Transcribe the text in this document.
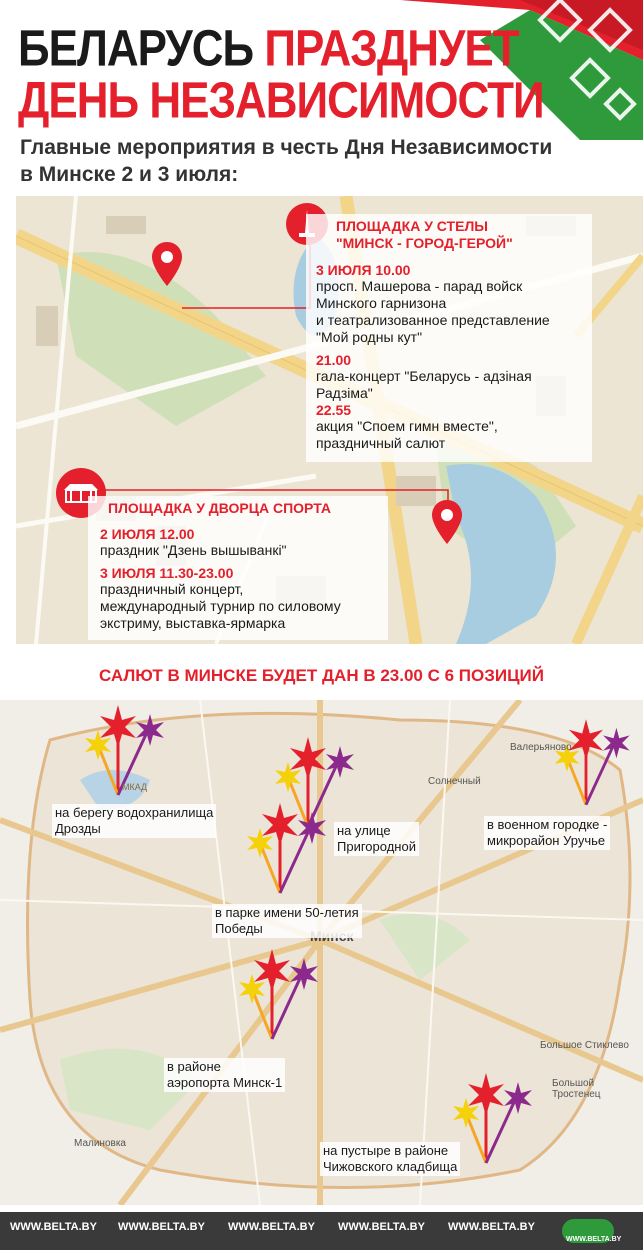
БЕЛАРУСЬ ПРАЗДНУЕТ
ДЕНЬ НЕЗАВИСИМОСТИ
Главные мероприятия в честь Дня Независимости
в Минске 2 и 3 июля:
ПЛОЩАДКА У СТЕЛЫ
"МИНСК - ГОРОД-ГЕРОЙ"
3 ИЮЛЯ 10.00
просп. Машерова - парад войск
Минского гарнизона
и театрализованное представление
"Мой родны кут"
21.00
гала-концерт "Беларусь - адзіная
Радзіма"
22.55
акция "Споем гимн вместе",
праздничный салют
ПЛОЩАДКА У ДВОРЦА СПОРТА
2 ИЮЛЯ 12.00
праздник "Дзень вышыванкі"
3 ИЮЛЯ 11.30-23.00
праздничный концерт,
международный турнир по силовому
экстриму, выставка-ярмарка
САЛЮТ В МИНСКЕ БУДЕТ ДАН В 23.00 С 6 ПОЗИЦИЙ
Валерьяново
Солнечный
Малиновка
Большое Стиклево
Большой Тростенец
МКАД
на берегу водохранилища
Дрозды	на улице
Пригородной
в военном городке -
микрорайон Уручье
в парке имени 50-летия
Победы
в районе
аэропорта Минск-1
на пустыре в районе
Чижовского кладбища
WWW.BELTA.BY WWW.BELTA.BY WWW.BELTA.BY WWW.BELTA.BY WWW.BELTA.BY
WWW.BELTA.BY
